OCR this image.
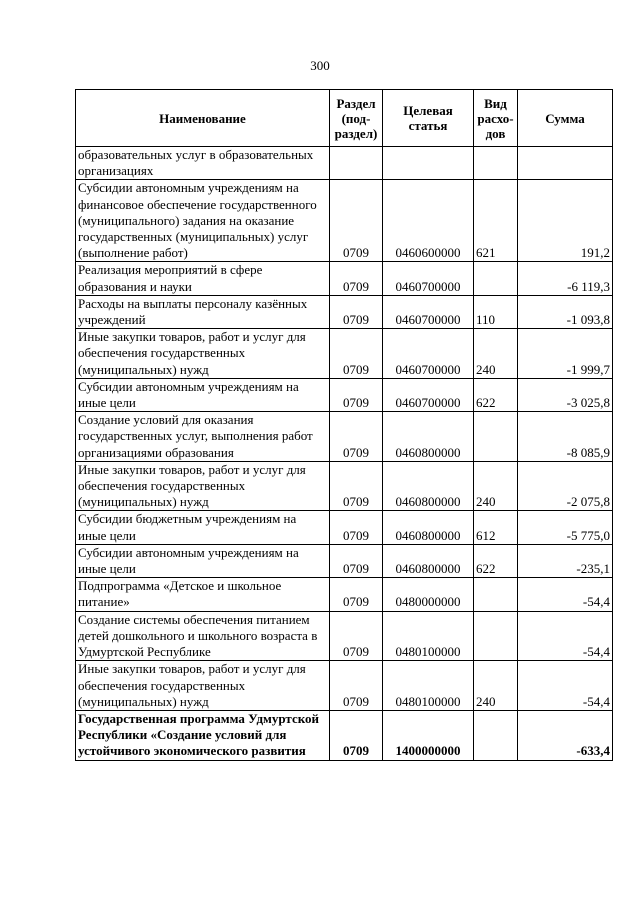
300
Наименование	Раздел (под-раздел)	Целевая статья	Вид расхо-дов	Сумма
образовательных услуг в образовательных организациях				
Субсидии автономным учреждениям на финансовое обеспечение государственного (муниципального) задания на оказание государственных (муниципальных) услуг (выполнение работ)	0709	0460600000	621	191,2
Реализация мероприятий в сфере образования и науки	0709	0460700000		-6 119,3
Расходы на выплаты персоналу казённых учреждений	0709	0460700000	110	-1 093,8
Иные закупки товаров, работ и услуг для обеспечения государственных (муниципальных) нужд	0709	0460700000	240	-1 999,7
Субсидии автономным учреждениям на иные цели	0709	0460700000	622	-3 025,8
Создание условий для оказания государственных услуг, выполнения работ организациями образования	0709	0460800000		-8 085,9
Иные закупки товаров, работ и услуг для обеспечения государственных (муниципальных) нужд	0709	0460800000	240	-2 075,8
Субсидии бюджетным учреждениям на иные цели	0709	0460800000	612	-5 775,0
Субсидии автономным учреждениям на иные цели	0709	0460800000	622	-235,1
Подпрограмма «Детское и школьное питание»	0709	0480000000		-54,4
Создание системы обеспечения питанием детей дошкольного и школьного возраста в Удмуртской Республике	0709	0480100000		-54,4
Иные закупки товаров, работ и услуг для обеспечения государственных (муниципальных) нужд	0709	0480100000	240	-54,4
Государственная программа Удмуртской Республики «Создание условий для устойчивого экономического развития	0709	1400000000		-633,4
